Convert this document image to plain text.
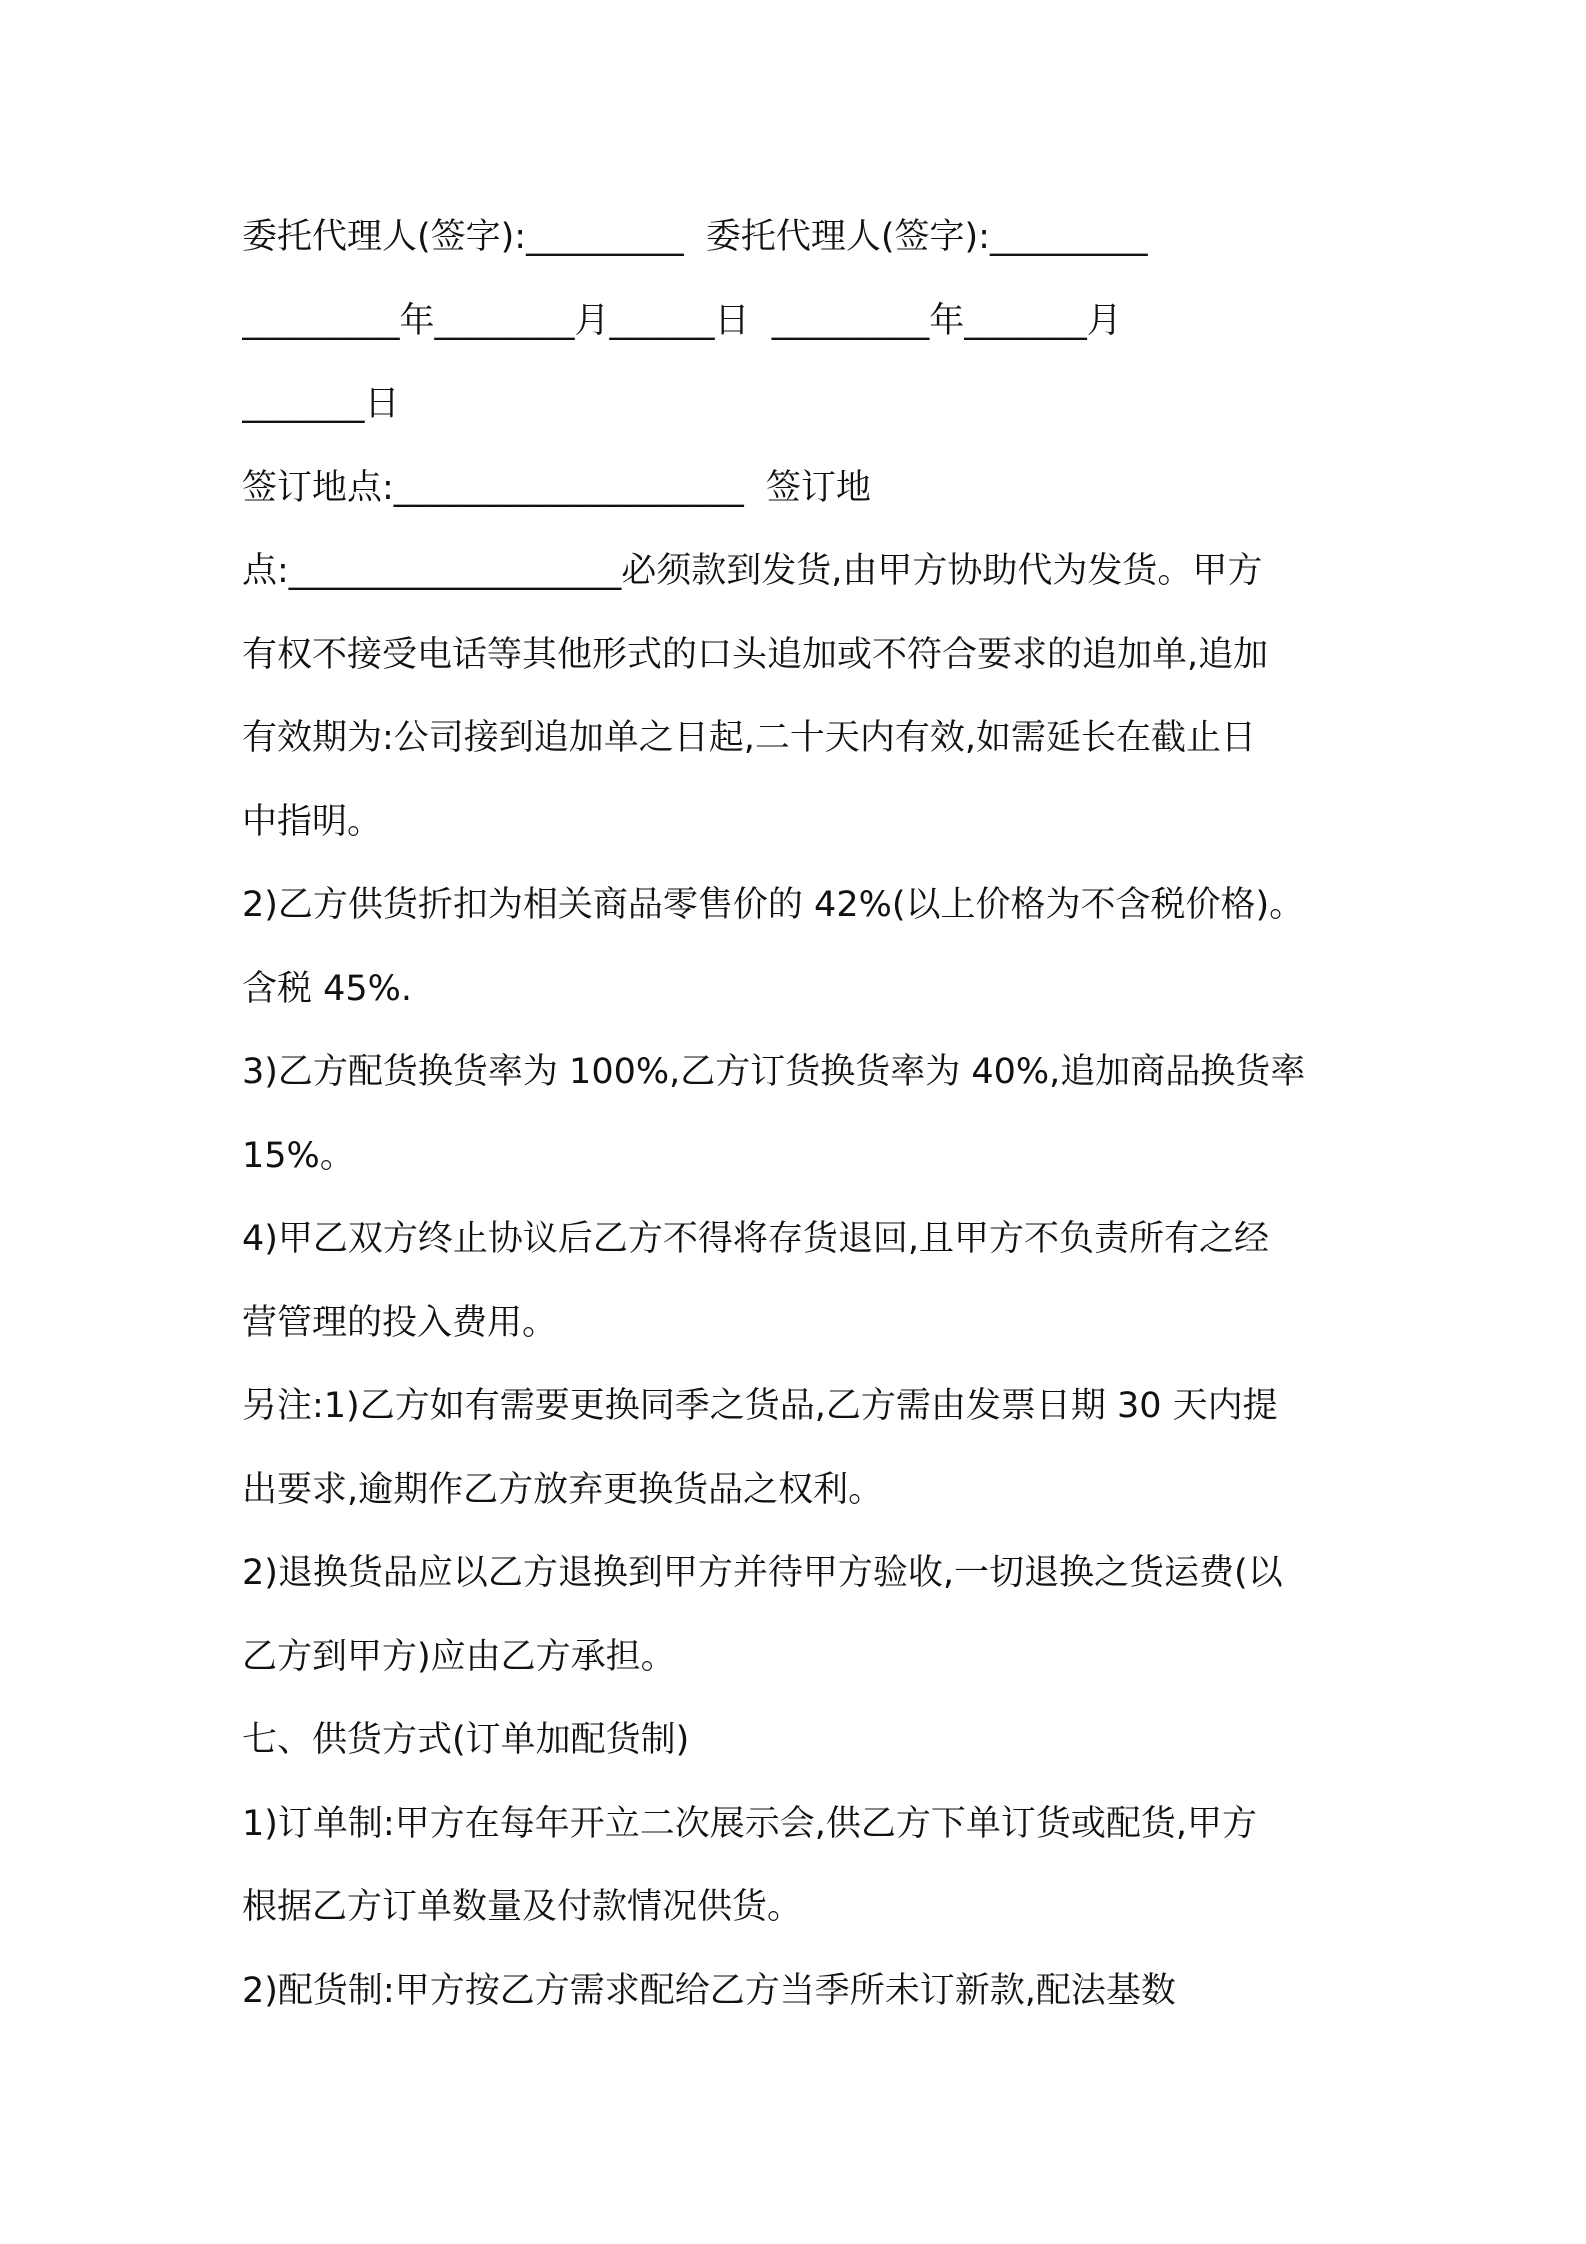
委托代理人(签字):_________  委托代理人(签字):_________
_________年________月______日  _________年_______月
_______日
签订地点:____________________  签订地
点:___________________必须款到发货,由甲方协助代为发货。甲方
有权不接受电话等其他形式的口头追加或不符合要求的追加单,追加
有效期为:公司接到追加单之日起,二十天内有效,如需延长在截止日
中指明。
2)乙方供货折扣为相关商品零售价的 42%(以上价格为不含税价格)。
含税 45%.
3)乙方配货换货率为 100%,乙方订货换货率为 40%,追加商品换货率
15%。
4)甲乙双方终止协议后乙方不得将存货退回,且甲方不负责所有之经
营管理的投入费用。
另注:1)乙方如有需要更换同季之货品,乙方需由发票日期 30 天内提
出要求,逾期作乙方放弃更换货品之权利。
2)退换货品应以乙方退换到甲方并待甲方验收,一切退换之货运费(以
乙方到甲方)应由乙方承担。
七、供货方式(订单加配货制)
1)订单制:甲方在每年开立二次展示会,供乙方下单订货或配货,甲方
根据乙方订单数量及付款情况供货。
2)配货制:甲方按乙方需求配给乙方当季所未订新款,配法基数
